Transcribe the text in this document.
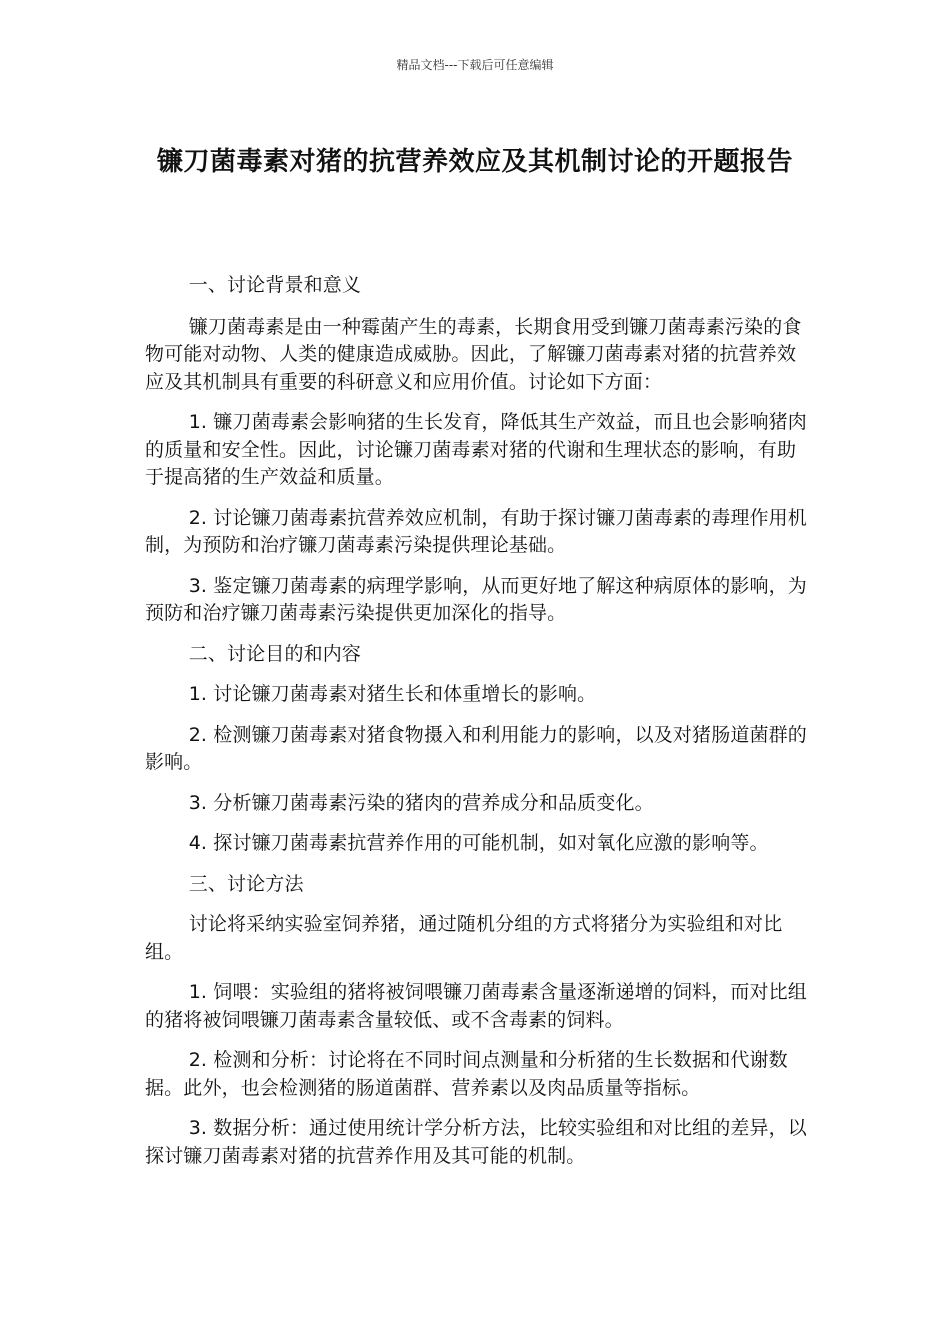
精品文档---下载后可任意编辑
镰刀菌毒素对猪的抗营养效应及其机制讨论的开题报告

一、讨论背景和意义

镰刀菌毒素是由一种霉菌产生的毒素，长期食用受到镰刀菌毒素污染的食物可能对动物、人类的健康造成威胁。因此，了解镰刀菌毒素对猪的抗营养效应及其机制具有重要的科研意义和应用价值。讨论如下方面：

1. 镰刀菌毒素会影响猪的生长发育，降低其生产效益，而且也会影响猪肉的质量和安全性。因此，讨论镰刀菌毒素对猪的代谢和生理状态的影响，有助于提高猪的生产效益和质量。

2. 讨论镰刀菌毒素抗营养效应机制，有助于探讨镰刀菌毒素的毒理作用机制，为预防和治疗镰刀菌毒素污染提供理论基础。

3. 鉴定镰刀菌毒素的病理学影响，从而更好地了解这种病原体的影响，为预防和治疗镰刀菌毒素污染提供更加深化的指导。

二、讨论目的和内容

1. 讨论镰刀菌毒素对猪生长和体重增长的影响。

2. 检测镰刀菌毒素对猪食物摄入和利用能力的影响，以及对猪肠道菌群的影响。

3. 分析镰刀菌毒素污染的猪肉的营养成分和品质变化。

4. 探讨镰刀菌毒素抗营养作用的可能机制，如对氧化应激的影响等。

三、讨论方法

讨论将采纳实验室饲养猪，通过随机分组的方式将猪分为实验组和对比组。

1. 饲喂：实验组的猪将被饲喂镰刀菌毒素含量逐渐递增的饲料，而对比组的猪将被饲喂镰刀菌毒素含量较低、或不含毒素的饲料。

2. 检测和分析：讨论将在不同时间点测量和分析猪的生长数据和代谢数据。此外，也会检测猪的肠道菌群、营养素以及肉品质量等指标。

3. 数据分析：通过使用统计学分析方法，比较实验组和对比组的差异，以探讨镰刀菌毒素对猪的抗营养作用及其可能的机制。
